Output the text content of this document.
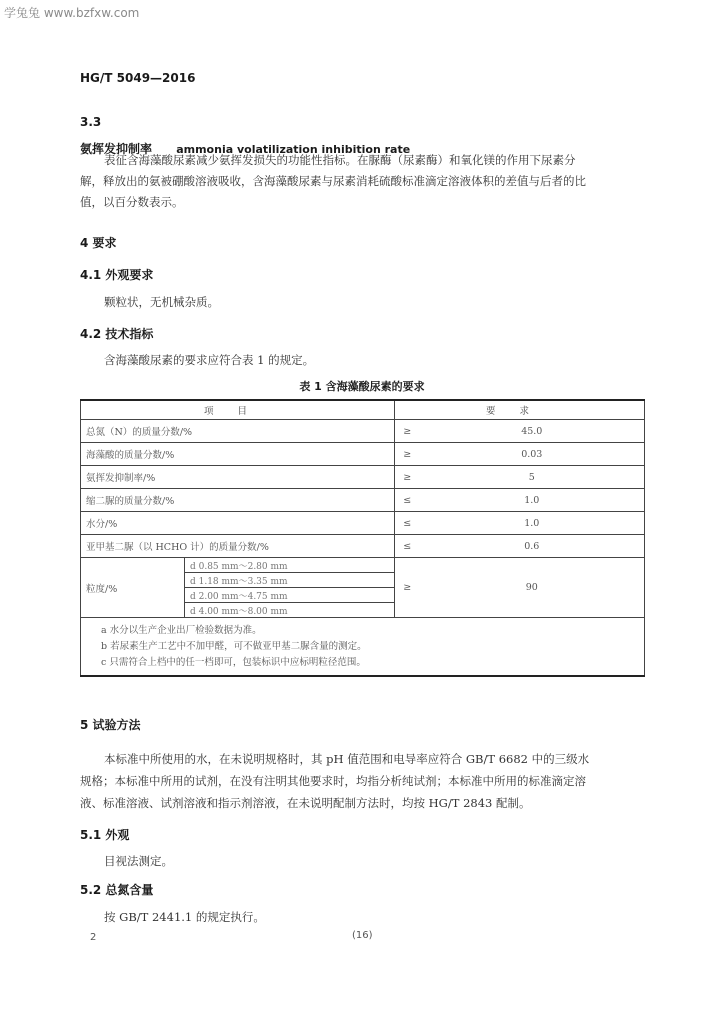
学兔兔 www.bzfxw.com
HG/T 5049—2016
3.3
氨挥发抑制率 ammonia volatilization inhibition rate
表征含海藻酸尿素减少氨挥发损失的功能性指标。在脲酶（尿素酶）和氧化镁的作用下尿素分
解，释放出的氨被硼酸溶液吸收，含海藻酸尿素与尿素消耗硫酸标准滴定溶液体积的差值与后者的比
值，以百分数表示。
4 要求
4.1 外观要求
颗粒状，无机械杂质。
4.2 技术指标
含海藻酸尿素的要求应符合表 1 的规定。
表 1 含海藻酸尿素的要求
项目		要求	
总氮（N）的质量分数/%		≥	45.0
海藻酸的质量分数/%		≥	0.03
氨挥发抑制率/%		≥	5
缩二脲的质量分数/%		≤	1.0
水分/%		≤	1.0
亚甲基二脲（以 HCHO 计）的质量分数/%		≤	0.6
粒度/%	d 0.85 mm～2.80 mm	≥	90
	d 1.18 mm～3.35 mm		
	d 2.00 mm～4.75 mm		
	d 4.00 mm～8.00 mm		

a 水分以生产企业出厂检验数据为准。
b 若尿素生产工艺中不加甲醛，可不做亚甲基二脲含量的测定。
c 只需符合上档中的任一档即可，包装标识中应标明粒径范围。			
5 试验方法
本标准中所使用的水，在未说明规格时，其 pH 值范围和电导率应符合 GB/T 6682 中的三级水
规格；本标准中所用的试剂，在没有注明其他要求时，均指分析纯试剂；本标准中所用的标准滴定溶
液、标准溶液、试剂溶液和指示剂溶液，在未说明配制方法时，均按 HG/T 2843 配制。
5.1 外观
目视法测定。
5.2 总氮含量
按 GB/T 2441.1 的规定执行。
2	(16)
